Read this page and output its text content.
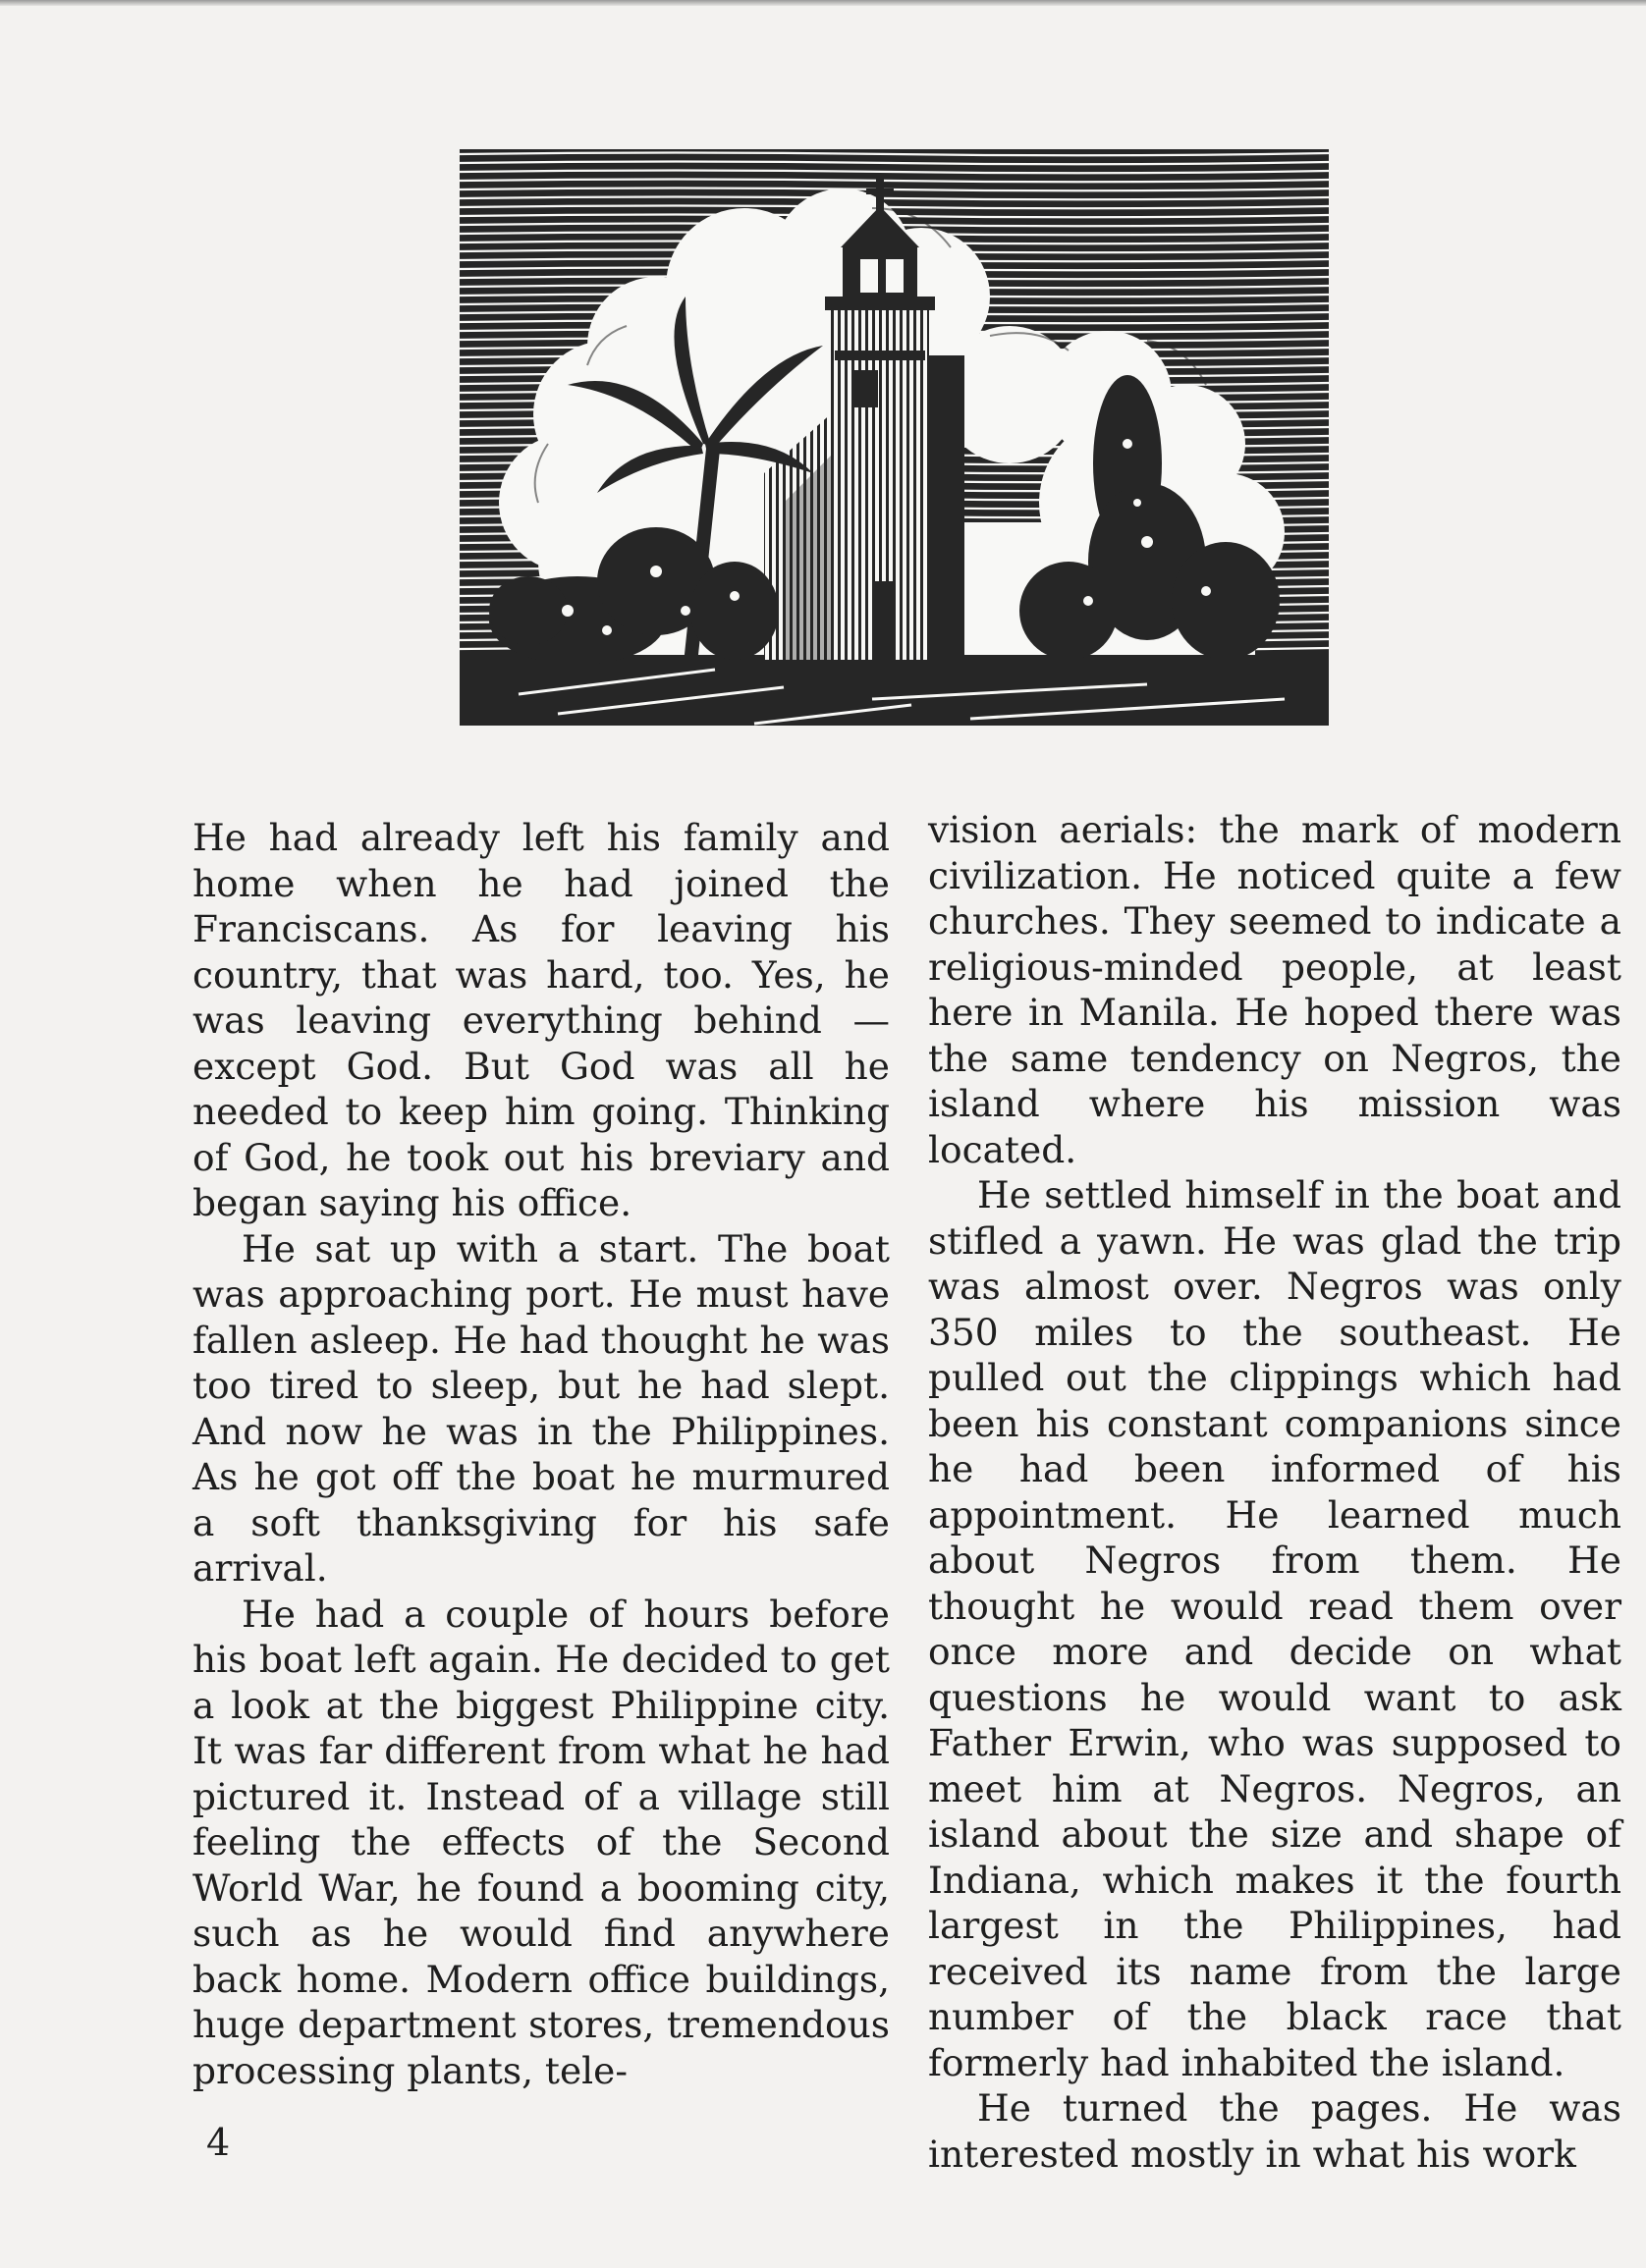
He had already left his family and home when he had joined the Franciscans. As for leaving his country, that was hard, too. Yes, he was leaving everything behind — except God. But God was all he needed to keep him going. Thinking of God, he took out his breviary and began saying his office.

He sat up with a start. The boat was approaching port. He must have fallen asleep. He had thought he was too tired to sleep, but he had slept. And now he was in the Philippines. As he got off the boat he murmured a soft thanksgiving for his safe arrival.

He had a couple of hours before his boat left again. He decided to get a look at the biggest Philippine city. It was far different from what he had pictured it. Instead of a village still feeling the effects of the Second World War, he found a booming city, such as he would find anywhere back home. Modern office buildings, huge department stores, tremendous processing plants, tele-

vision aerials: the mark of modern civilization. He noticed quite a few churches. They seemed to indicate a religious-minded people, at least here in Manila. He hoped there was the same tendency on Negros, the island where his mission was located.

He settled himself in the boat and stifled a yawn. He was glad the trip was almost over. Negros was only 350 miles to the southeast. He pulled out the clippings which had been his constant companions since he had been informed of his appointment. He learned much about Negros from them. He thought he would read them over once more and decide on what questions he would want to ask Father Erwin, who was supposed to meet him at Negros. Negros, an island about the size and shape of Indiana, which makes it the fourth largest in the Philippines, had received its name from the large number of the black race that formerly had inhabited the island.

He turned the pages. He was interested mostly in what his work

4
